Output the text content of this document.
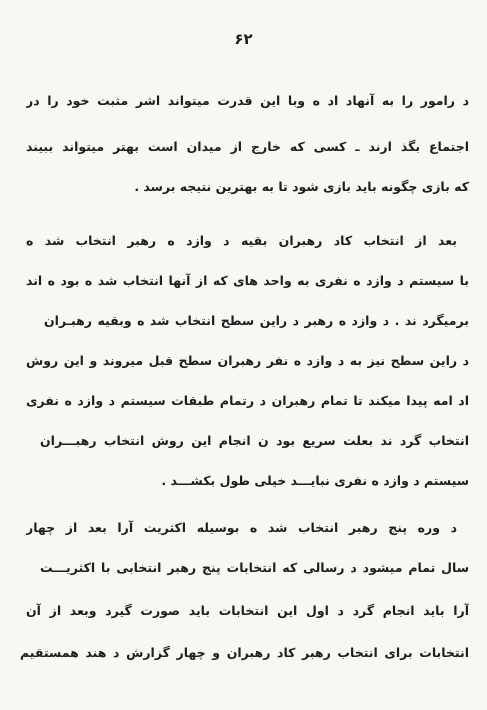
۶۲
د رامور را به آنهاد اد ه وبا این قدرت میتواند اشر مثبت خود را در
اجتماع بگذ ارند ـ کسی که خارج از میدان است بهتر میتواند ببیند
که بازی چگونه باید بازی شود تا به بهترین نتیجه برسد .
بعد از انتخاب کاد رهبران بقیه د وازد ه رهبر انتخاب شد ه
با سیستم د وازد ه نفری به واحد های که از آنها انتخاب شد ه بود ه اند
برمیگرد ند . د وازد ه رهبر د راین سطح انتخاب شد ه وبقیه رهبـران
د راین سطح نیز به د وازد ه نفر رهبران سطح قبل میروند و این روش
اد امه پیدا میکند تا تمام رهبران د رتمام طبقات سیستم د وازد ه نفری
انتخاب گرد ند بعلت سریع بود ن انجام این روش انتخاب رهبـــران
سیستم د وازد ه نفری نبایـــد خیلی طول بکشـــد .
د وره پنج رهبر انتخاب شد ه بوسیله اکثریت آرا بعد از چهار
سال تمام میشود د رسالی که انتخابات پنج رهبر انتخابی با اکثریـــت
آرا باید انجام گرد د اول این انتخابات باید صورت گیرد وبعد از آن
انتخابات برای انتخاب رهبر کاد رهبران و چهار گزارش د هند همستقیم
